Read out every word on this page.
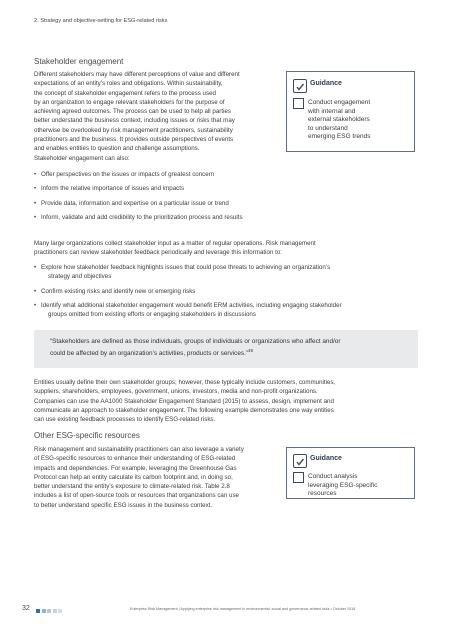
2. Strategy and objective-setting for ESG-related risks
Stakeholder engagement
Different stakeholders may have different perceptions of value and different
expectations of an entity’s roles and obligations. Within sustainability,
the concept of stakeholder engagement refers to the process used
by an organization to engage relevant stakeholders for the purpose of
achieving agreed outcomes. The process can be used to help all parties
better understand the business context, including issues or risks that may
otherwise be overlooked by risk management practitioners, sustainability
practitioners and the business. It provides outside perspectives of events
and enables entities to question and challenge assumptions.
Guidance
Conduct engagement
with internal and
external stakeholders
to understand
emerging ESG trends
Stakeholder engagement can also:
• Offer perspectives on the issues or impacts of greatest concern
• Inform the relative importance of issues and impacts
• Provide data, information and expertise on a particular issue or trend
• Inform, validate and add credibility to the prioritization process and results
Many large organizations collect stakeholder input as a matter of regular operations. Risk management
practitioners can review stakeholder feedback periodically and leverage this information to:
• Explore how stakeholder feedback highlights issues that could pose threats to achieving an organization’s
strategy and objectives
• Confirm existing risks and identify new or emerging risks
• Identify what additional stakeholder engagement would benefit ERM activities, including engaging stakeholder
groups omitted from existing efforts or engaging stakeholders in discussions
“Stakeholders are defined as those individuals, groups of individuals or organizations who affect and/or
could be affected by an organization’s activities, products or services.”$^{49}$
Entities usually define their own stakeholder groups; however, these typically include customers, communities,
suppliers, shareholders, employees, government, unions, investors, media and non-profit organizations.
Companies can use the AA1000 Stakeholder Engagement Standard (2015) to assess, design, implement and
communicate an approach to stakeholder engagement. The following example demonstrates one way entities
can use existing feedback processes to identify ESG-related risks.
Other ESG-specific resources
Risk management and sustainability practitioners can also leverage a variety
of ESG-specific resources to enhance their understanding of ESG-related
impacts and dependencies. For example, leveraging the Greenhouse Gas
Protocol can help an entity calculate its carbon footprint and, in doing so,
better understand the entity’s exposure to climate-related risk. Table 2.8
includes a list of open-source tools or resources that organizations can use
to better understand specific ESG issues in the business context.
Guidance
Conduct analysis
leveraging ESG-specific
resources
32	Enterprise Risk Management | Applying enterprise risk management to environmental, social and governance-related risks • October 2018
